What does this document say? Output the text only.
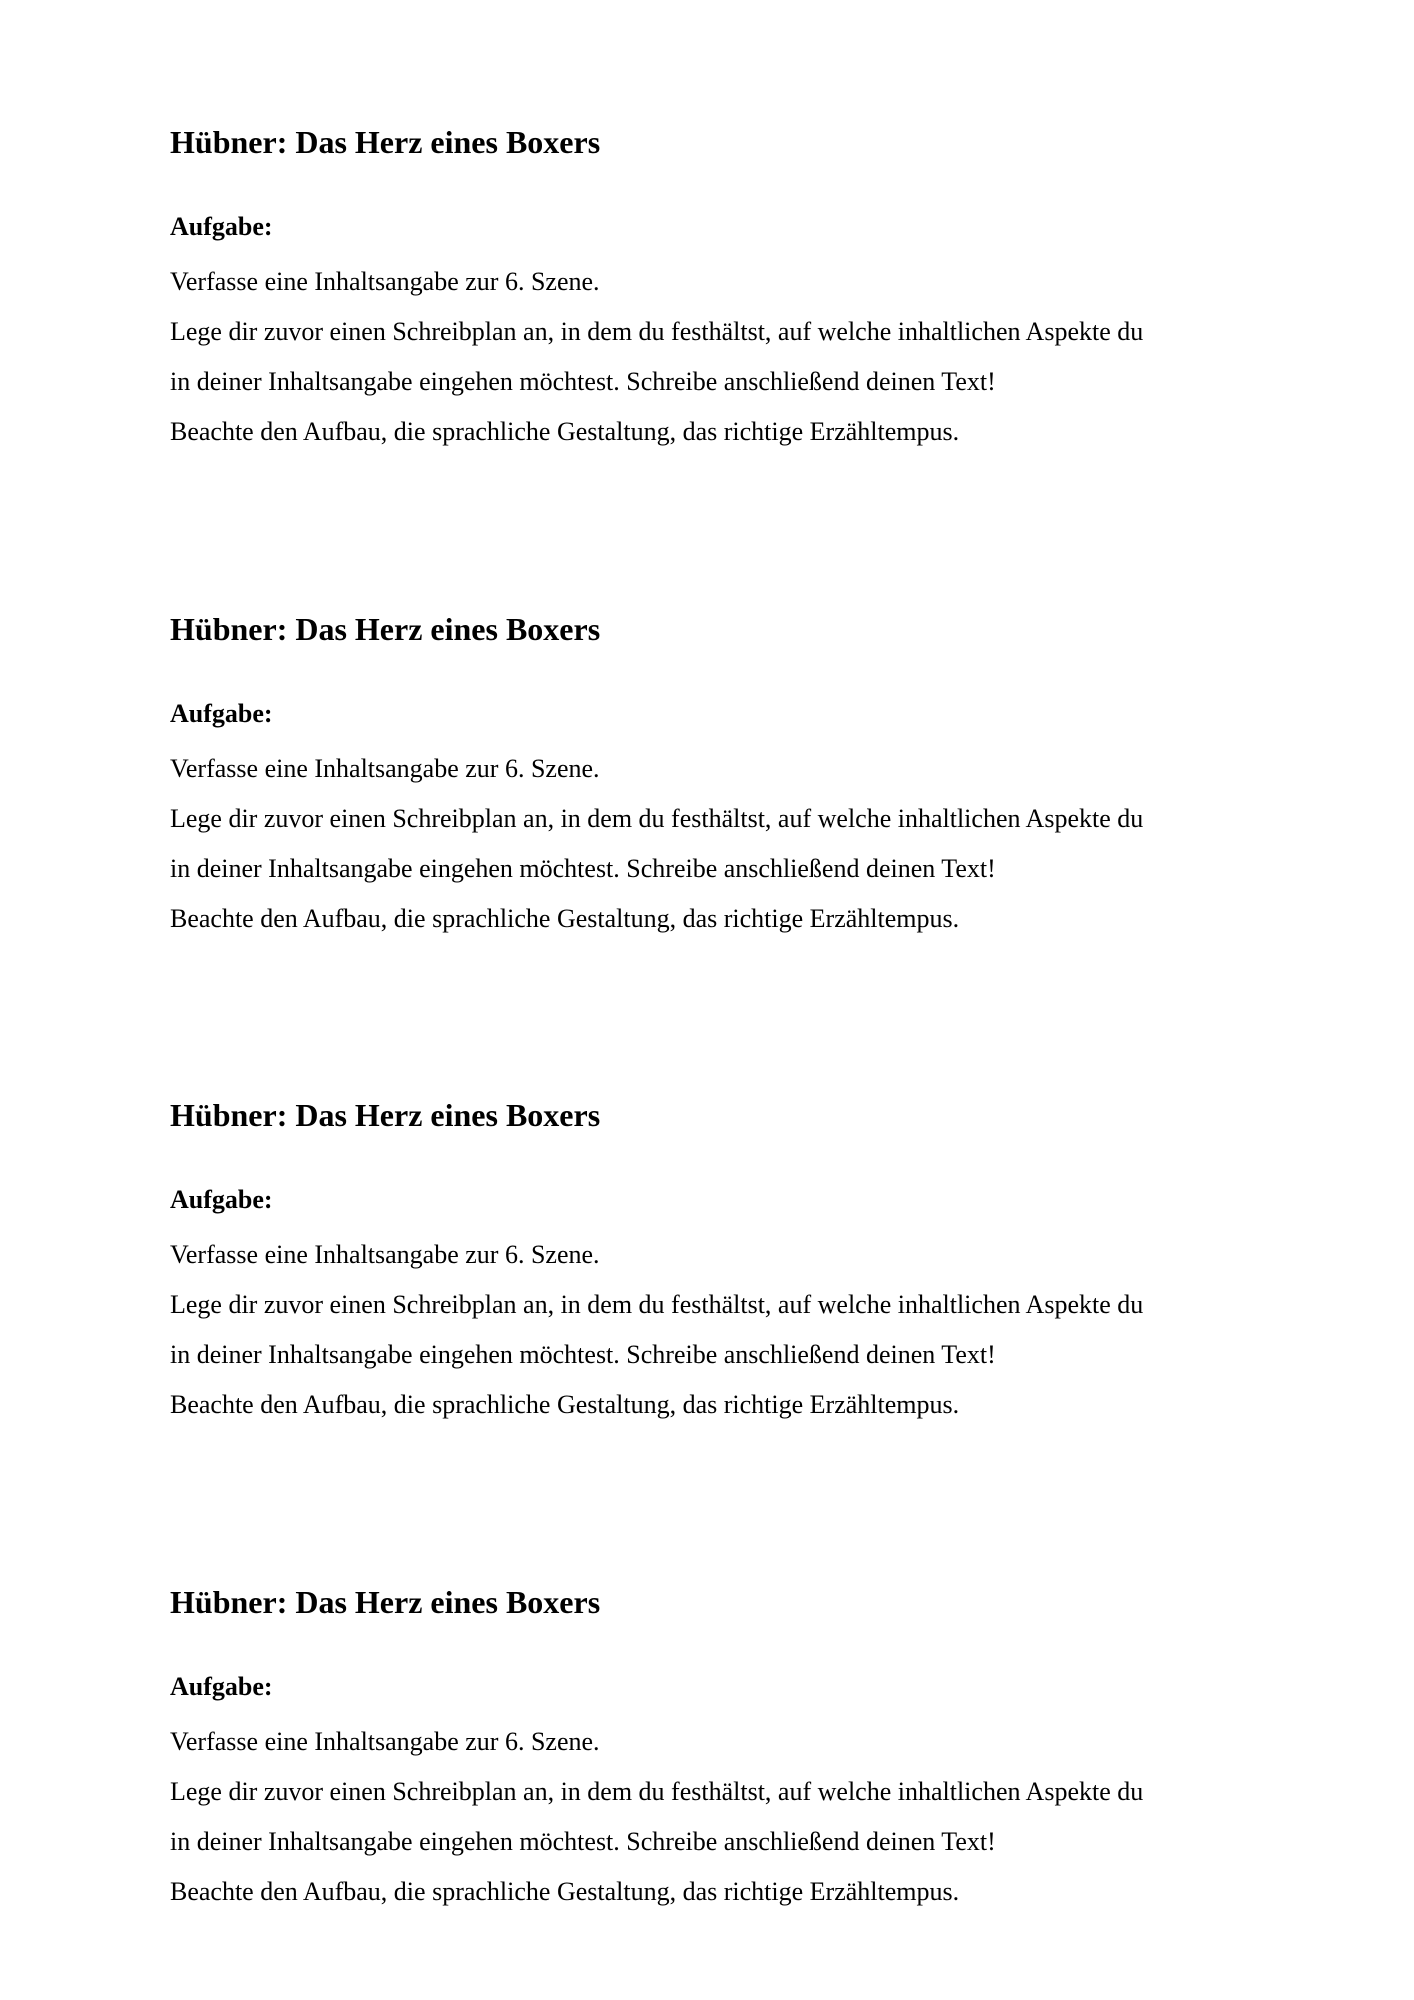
Hübner: Das Herz eines Boxers
Aufgabe:
Verfasse eine Inhaltsangabe zur 6. Szene.
Lege dir zuvor einen Schreibplan an, in dem du festhältst, auf welche inhaltlichen Aspekte du
in deiner Inhaltsangabe eingehen möchtest. Schreibe anschließend deinen Text!
Beachte den Aufbau, die sprachliche Gestaltung, das richtige Erzähltempus.
Hübner: Das Herz eines Boxers
Aufgabe:
Verfasse eine Inhaltsangabe zur 6. Szene.
Lege dir zuvor einen Schreibplan an, in dem du festhältst, auf welche inhaltlichen Aspekte du
in deiner Inhaltsangabe eingehen möchtest. Schreibe anschließend deinen Text!
Beachte den Aufbau, die sprachliche Gestaltung, das richtige Erzähltempus.
Hübner: Das Herz eines Boxers
Aufgabe:
Verfasse eine Inhaltsangabe zur 6. Szene.
Lege dir zuvor einen Schreibplan an, in dem du festhältst, auf welche inhaltlichen Aspekte du
in deiner Inhaltsangabe eingehen möchtest. Schreibe anschließend deinen Text!
Beachte den Aufbau, die sprachliche Gestaltung, das richtige Erzähltempus.
Hübner: Das Herz eines Boxers
Aufgabe:
Verfasse eine Inhaltsangabe zur 6. Szene.
Lege dir zuvor einen Schreibplan an, in dem du festhältst, auf welche inhaltlichen Aspekte du
in deiner Inhaltsangabe eingehen möchtest. Schreibe anschließend deinen Text!
Beachte den Aufbau, die sprachliche Gestaltung, das richtige Erzähltempus.
